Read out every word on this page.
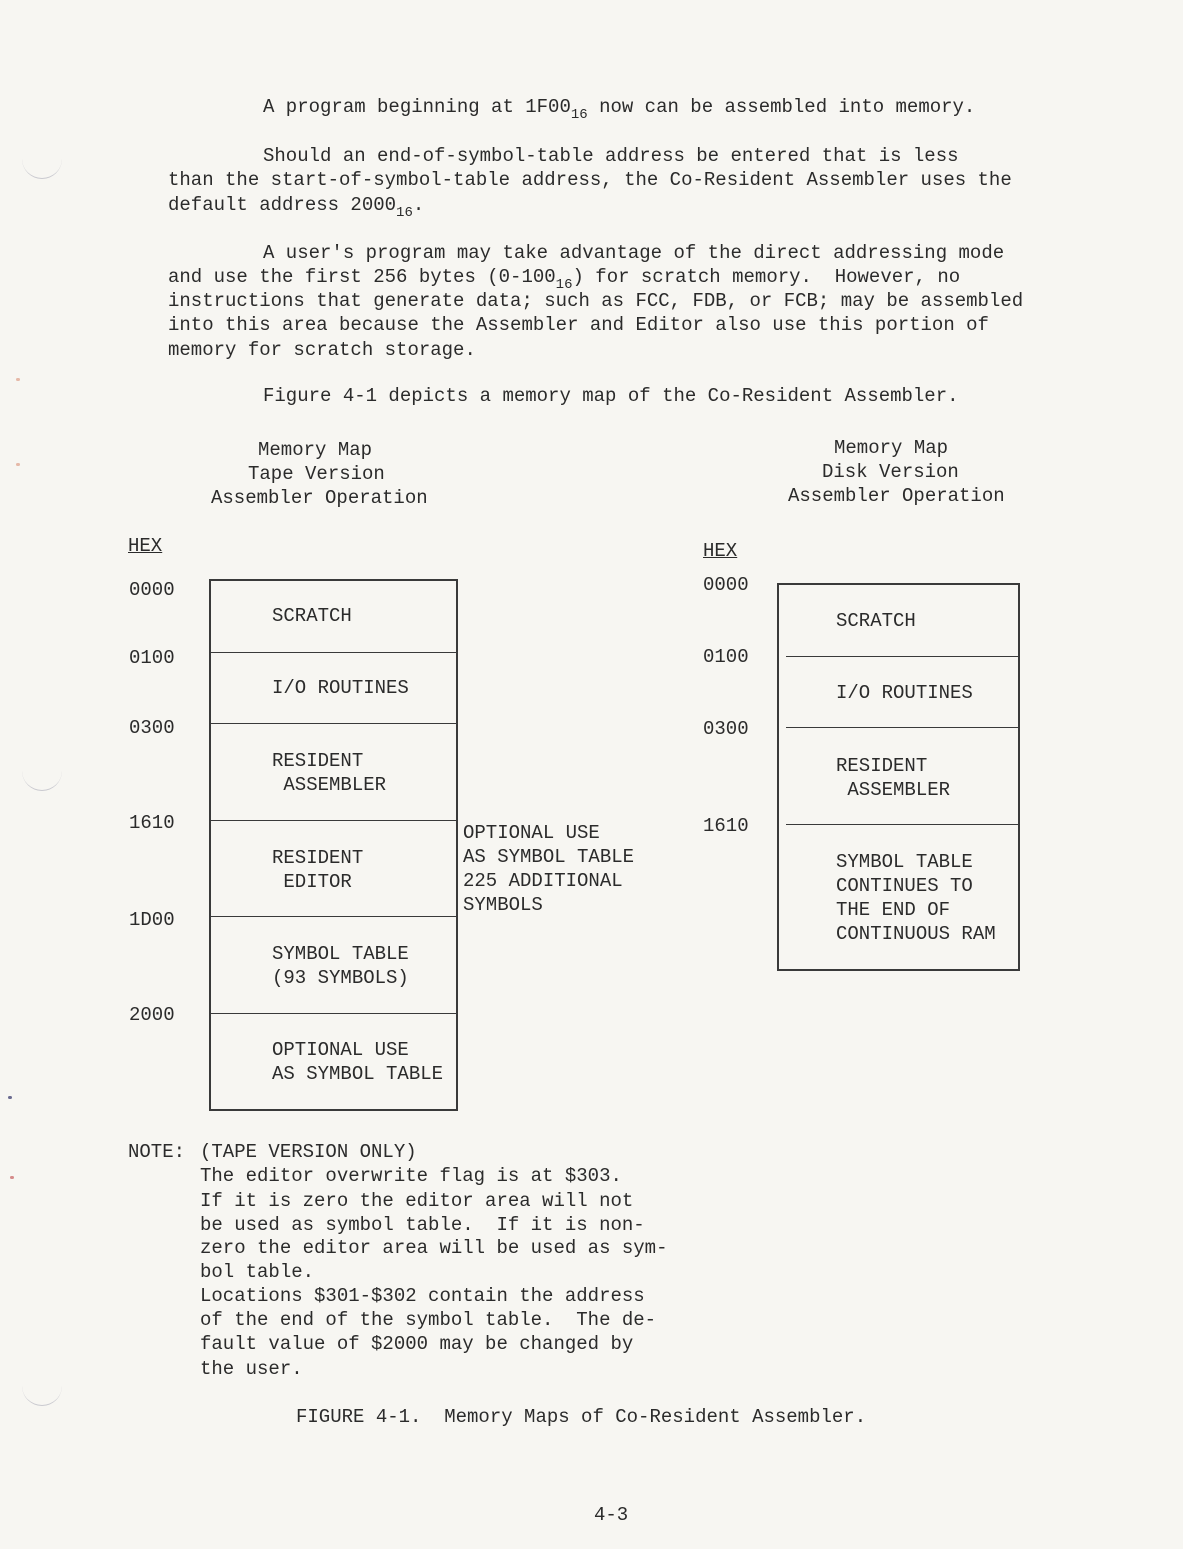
A program beginning at $1F00_{16}$ now can be assembled into memory.

Should an end-of-symbol-table address be entered that is less

than the start-of-symbol-table address, the Co-Resident Assembler uses the

default address $2000_{16}$.

A user's program may take advantage of the direct addressing mode

and use the first 256 bytes $(0-100_{16})$ for scratch memory.  However, no

instructions that generate data; such as FCC, FDB, or FCB; may be assembled

into this area because the Assembler and Editor also use this portion of

memory for scratch storage.

Figure 4-1 depicts a memory map of the Co-Resident Assembler.

Memory Map

Tape Version

Assembler Operation

HEX

0000

0100

0300

1610

1D00

2000

SCRATCH

I/O ROUTINES

RESIDENT

ASSEMBLER

RESIDENT

EDITOR

SYMBOL TABLE

(93 SYMBOLS)

OPTIONAL USE

AS SYMBOL TABLE

OPTIONAL USE

AS SYMBOL TABLE

225 ADDITIONAL

SYMBOLS

Memory Map

Disk Version

Assembler Operation

HEX

0000

0100

0300

1610

SCRATCH

I/O ROUTINES

RESIDENT

ASSEMBLER

SYMBOL TABLE

CONTINUES TO

THE END OF

CONTINUOUS RAM

NOTE: (TAPE VERSION ONLY)

The editor overwrite flag is at $303.

If it is zero the editor area will not

be used as symbol table.  If it is non-

zero the editor area will be used as sym-

bol table.

Locations $301-$302 contain the address

of the end of the symbol table.  The de-

fault value of $2000 may be changed by

the user.

FIGURE 4-1.  Memory Maps of Co-Resident Assembler.

4-3
